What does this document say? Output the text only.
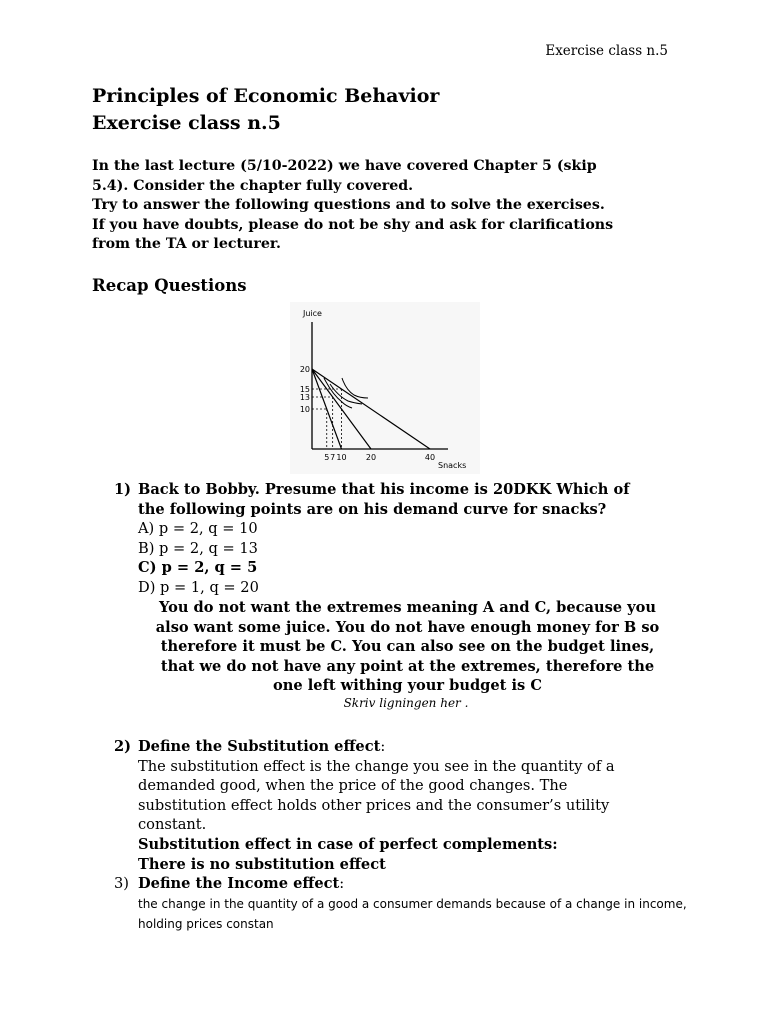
Exercise class n.5
Principles of Economic Behavior
Exercise class n.5
In the last lecture (5/10-2022) we have covered Chapter 5 (skip
5.4). Consider the chapter fully covered.
Try to answer the following questions and to solve the exercises.
If you have doubts, please do not be shy and ask for clarifications
from the TA or lecturer.
Recap Questions
Juice
Snacks
5 7 10 20	40
20
15
13
10
1) Back to Bobby. Presume that his income is 20DKK Which of
the following points are on his demand curve for snacks?
A) p = 2, q = 10
B) p = 2, q = 13
C) p = 2, q = 5
D) p = 1, q = 20
You do not want the extremes meaning A and C, because you
also want some juice. You do not have enough money for B so
therefore it must be C. You can also see on the budget lines,
that we do not have any point at the extremes, therefore the
one left withing your budget is C
Skriv ligningen her .
2) Define the Substitution effect:
The substitution effect is the change you see in the quantity of a
demanded good, when the price of the good changes. The
substitution effect holds other prices and the consumer’s utility
constant.
Substitution effect in case of perfect complements:
There is no substitution effect
3) Define the Income effect:
the change in the quantity of a good a consumer demands because of a change in income,
holding prices constan
